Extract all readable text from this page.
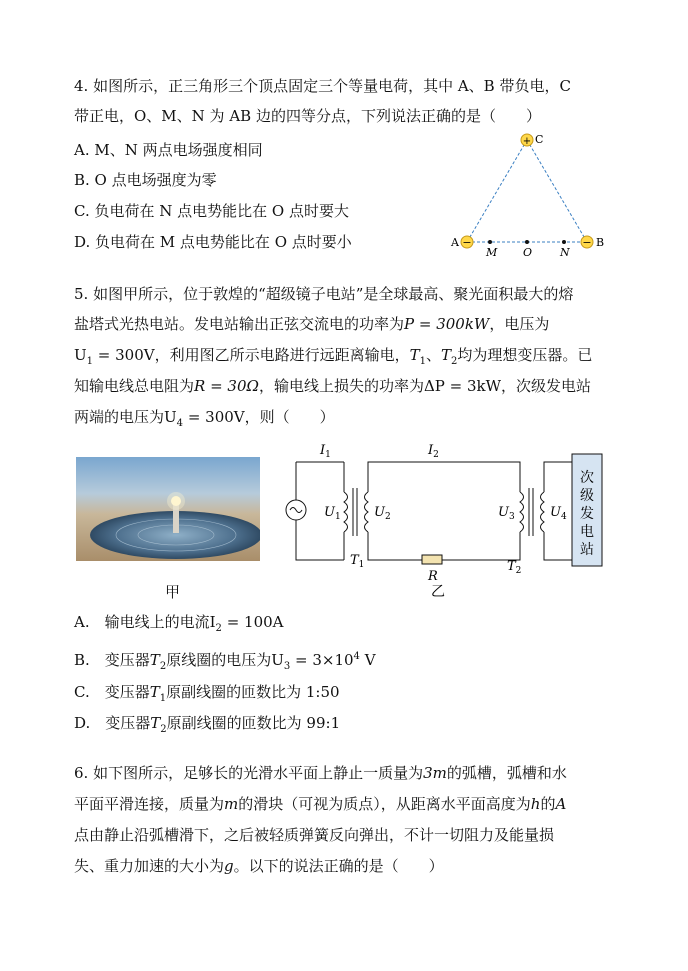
4. 如图所示，正三角形三个顶点固定三个等量电荷，其中 A、B 带负电，C
带正电，O、M、N 为 AB 边的四等分点，下列说法正确的是（　　）
A. M、N 两点电场强度相同
B. O 点电场强度为零
C. 负电荷在 N 点电势能比在 O 点时要大
D. 负电荷在 M 点电势能比在 O 点时要小
+
−	−
C
A	B
M O	N
5. 如图甲所示，位于敦煌的“超级镜子电站”是全球最高、聚光面积最大的熔
盐塔式光热电站。发电站输出正弦交流电的功率为P = 300kW，电压为
$U_1 = 300V$，利用图乙所示电路进行远距离输电，$T_1$、$T_2$均为理想变压器。已
知输电线总电阻为R = 30Ω，输电线上损失的功率为ΔP = 3kW，次级发电站
两端的电压为$U_4 = 300V$，则（　　）
甲
次
级
发
电
站
$I_1$	$I_2$
$U_1$	$U_2$	$U_3$	$U_4$
$T_1$	$T_2$
R
乙
A.　输电线上的电流$I_2 = 100A$
B.　变压器$T_2$原线圈的电压为$U_3 = 3\times 10^4$ V
C.　变压器$T_1$原副线圈的匝数比为 1:50
D.　变压器$T_2$原副线圈的匝数比为 99:1
6. 如下图所示，足够长的光滑水平面上静止一质量为3m的弧槽，弧槽和水
平面平滑连接，质量为m的滑块（可视为质点），从距离水平面高度为h的A
点由静止沿弧槽滑下，之后被轻质弹簧反向弹出，不计一切阻力及能量损
失、重力加速的大小为g。以下的说法正确的是（　　）
